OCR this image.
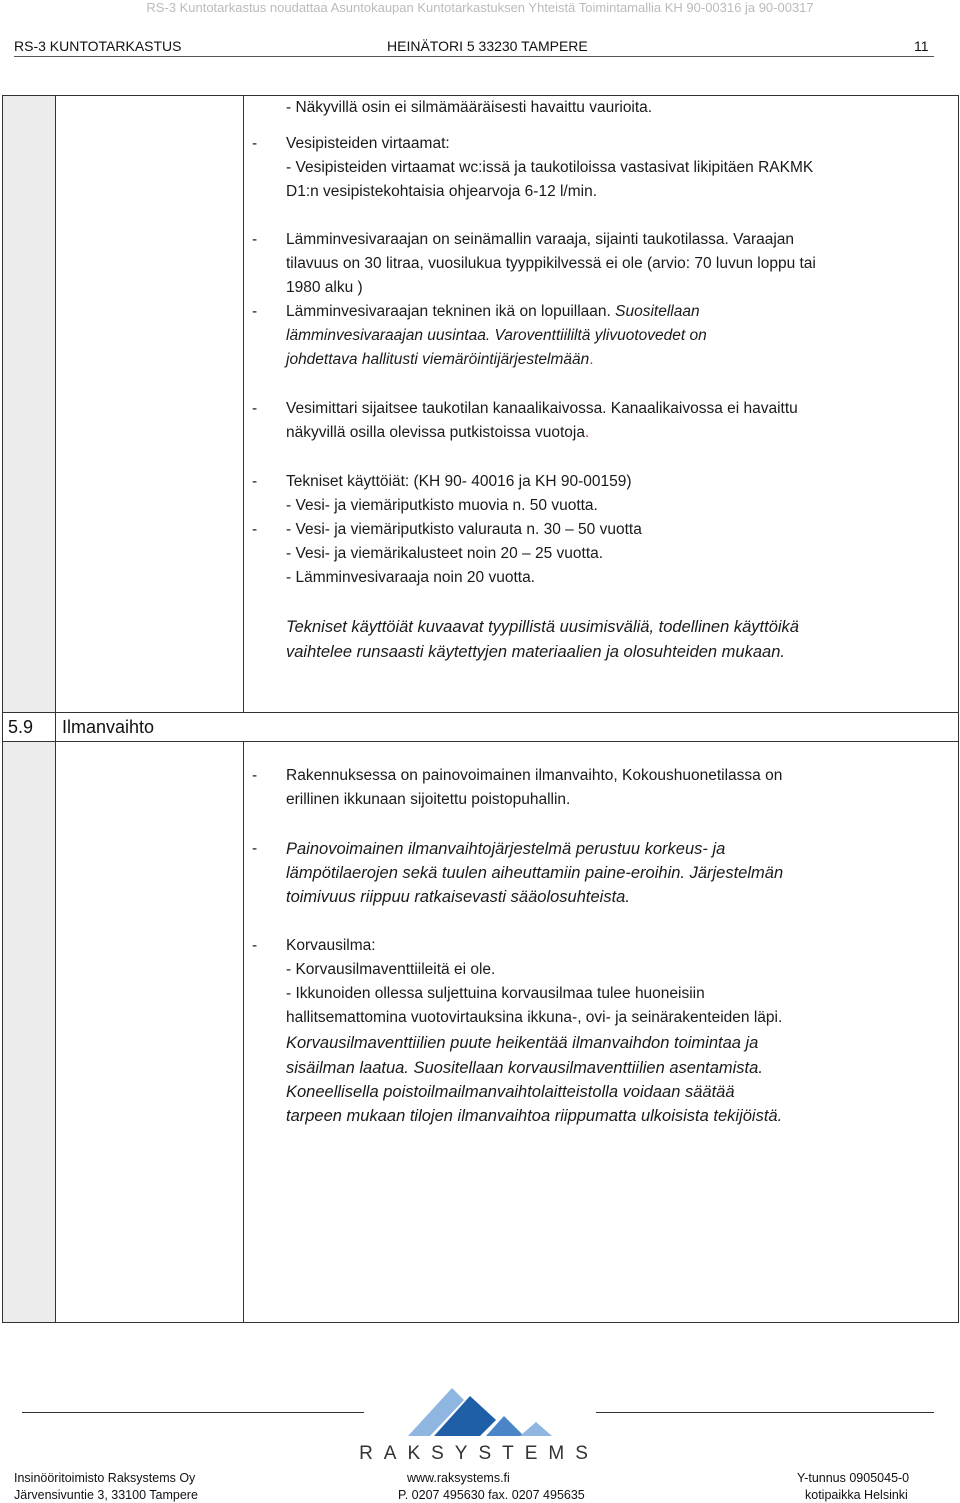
RS-3 Kuntotarkastus noudattaa Asuntokaupan Kuntotarkastuksen Yhteistä Toimintamallia KH 90-00316 ja 90-00317
RS-3 KUNTOTARKASTUS	HEINÄTORI 5 33230 TAMPERE	11
5.9 Ilmanvaihto
- Näkyvillä osin ei silmämääräisesti havaittu vaurioita.
-	Vesipisteiden virtaamat:
- Vesipisteiden virtaamat wc:issä ja taukotiloissa vastasivat likipitäen RAKMK
D1:n vesipistekohtaisia ohjearvoja 6-12 l/min.
-	Lämminvesivaraajan on seinämallin varaaja, sijainti taukotilassa. Varaajan
tilavuus on 30 litraa, vuosilukua tyyppikilvessä ei ole (arvio: 70 luvun loppu tai
1980 alku )
-	Lämminvesivaraajan tekninen ikä on lopuillaan. Suositellaan
lämminvesivaraajan uusintaa. Varoventtiililtä ylivuotovedet on
johdettava hallitusti viemäröintijärjestelmään.
-	Vesimittari sijaitsee taukotilan kanaalikaivossa. Kanaalikaivossa ei havaittu
näkyvillä osilla olevissa putkistoissa vuotoja.
-	Tekniset käyttöiät: (KH 90- 40016 ja KH 90-00159)
- Vesi- ja viemäriputkisto muovia n. 50 vuotta.
-	- Vesi- ja viemäriputkisto valurauta n. 30 – 50 vuotta
- Vesi- ja viemärikalusteet noin 20 – 25 vuotta.
- Lämminvesivaraaja noin 20 vuotta.
Tekniset käyttöiät kuvaavat tyypillistä uusimisväliä, todellinen käyttöikä
vaihtelee runsaasti käytettyjen materiaalien ja olosuhteiden mukaan.
-	Rakennuksessa on painovoimainen ilmanvaihto, Kokoushuonetilassa on
erillinen ikkunaan sijoitettu poistopuhallin.
-	Painovoimainen ilmanvaihtojärjestelmä perustuu korkeus- ja
lämpötilaerojen sekä tuulen aiheuttamiin paine-eroihin. Järjestelmän
toimivuus riippuu ratkaisevasti sääolosuhteista.
-	Korvausilma:
- Korvausilmaventtiileitä ei ole.
- Ikkunoiden ollessa suljettuina korvausilmaa tulee huoneisiin
hallitsemattomina vuotovirtauksina ikkuna-, ovi- ja seinärakenteiden läpi.
Korvausilmaventtiilien puute heikentää ilmanvaihdon toimintaa ja
sisäilman laatua. Suositellaan korvausilmaventtiilien asentamista.
Koneellisella poistoilmailmanvaihtolaitteistolla voidaan säätää
tarpeen mukaan tilojen ilmanvaihtoa riippumatta ulkoisista tekijöistä.
RAKSYSTEMS
Insinööritoimisto Raksystems Oy
Järvensivuntie 3, 33100 Tampere
www.raksystems.fi
P. 0207 495630 fax. 0207 495635
Y-tunnus 0905045-0
kotipaikka Helsinki
